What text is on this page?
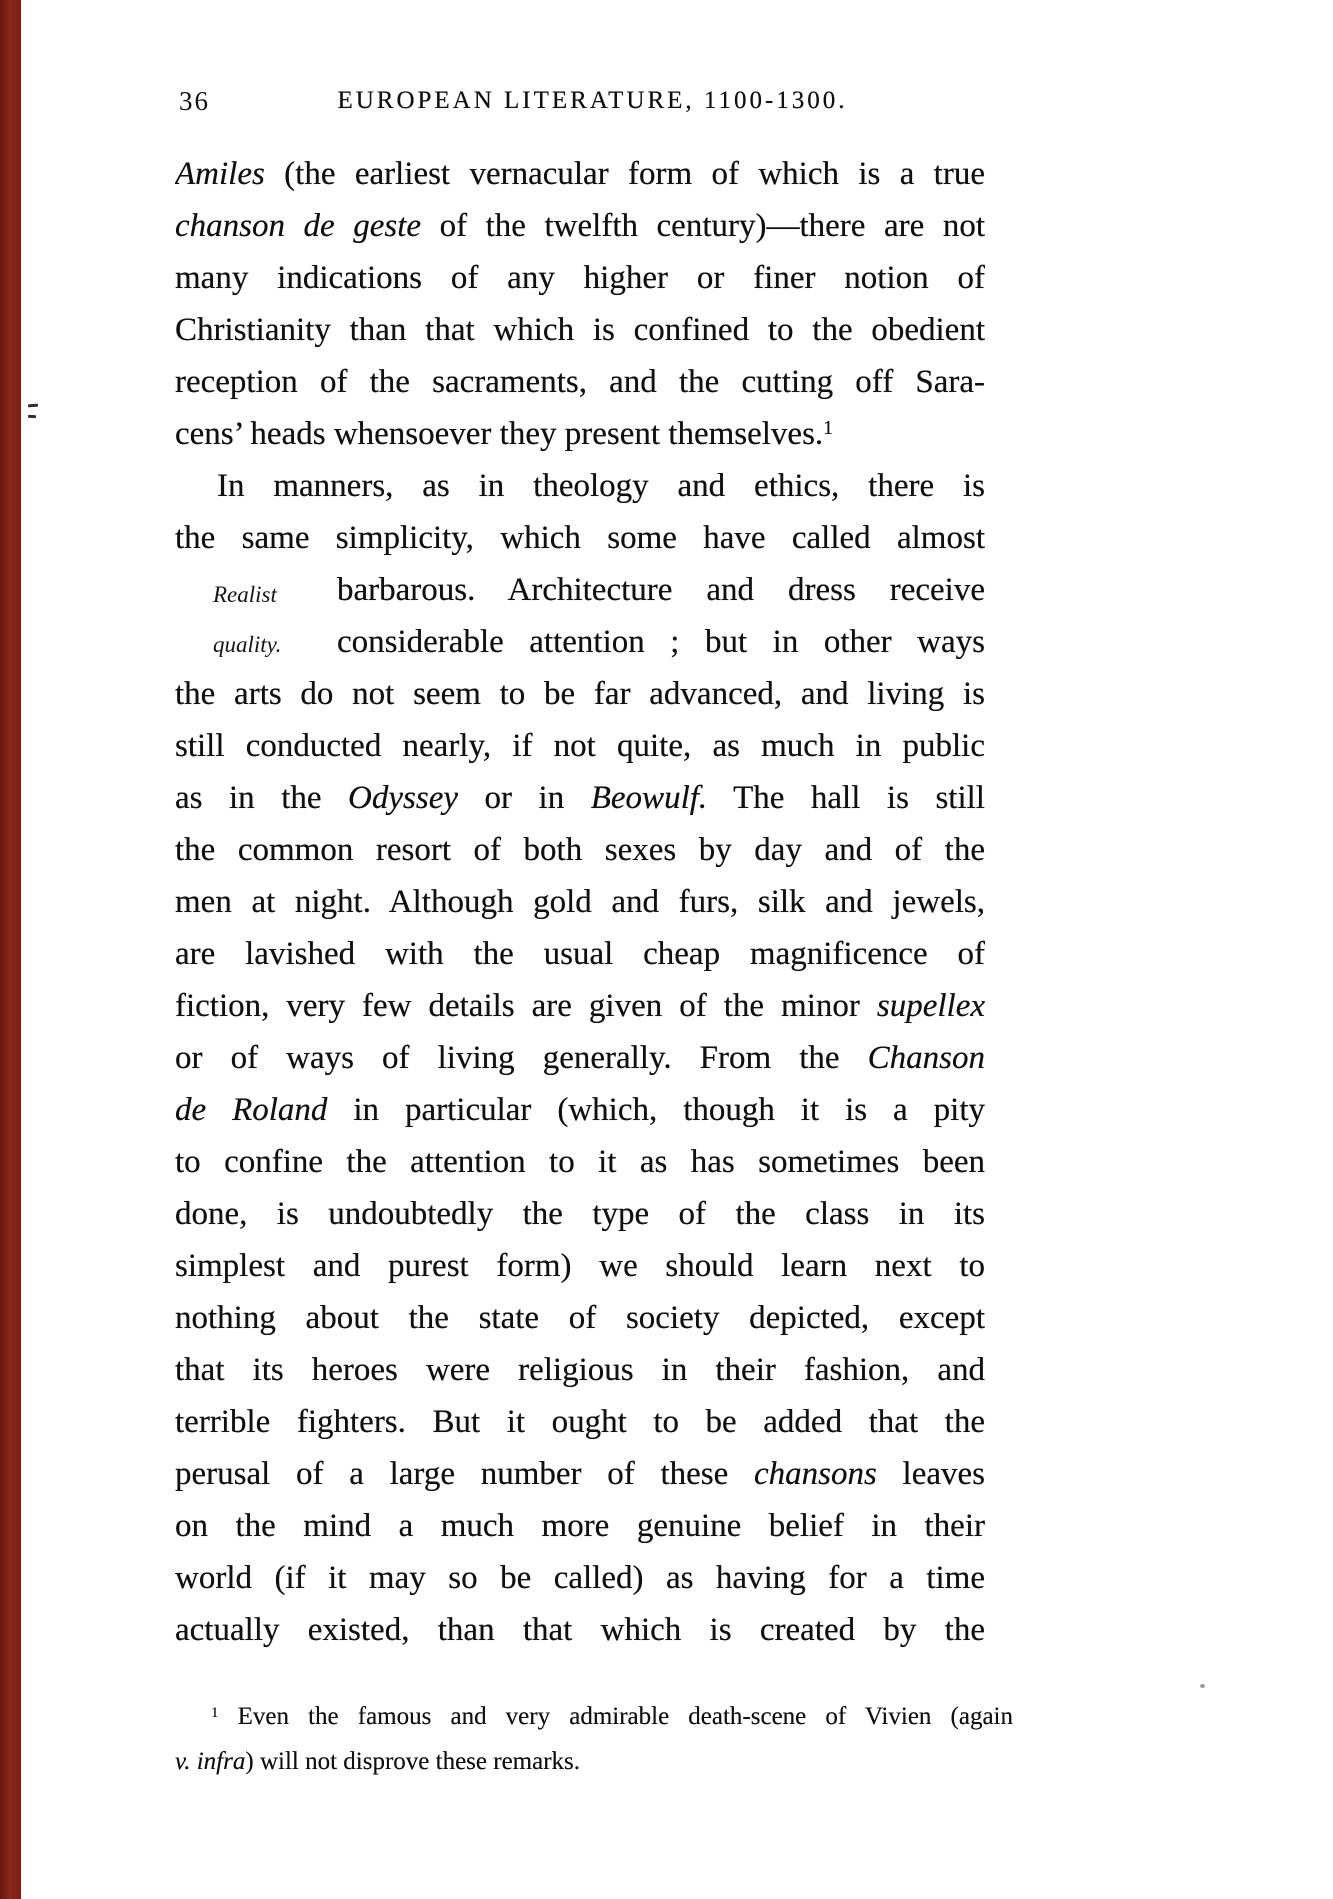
36	EUROPEAN LITERATURE, 1100-1300.
Amiles (the earliest vernacular form of which is a true
chanson de geste of the twelfth century)—there are not
many indications of any higher or finer notion of
Christianity than that which is confined to the obedient
reception of the sacraments, and the cutting off Sara-
cens’ heads whensoever they present themselves.$^1$
In manners, as in theology and ethics, there is
the same simplicity, which some have called almost
barbarous. Architecture and dress receive
considerable attention ; but in other ways
the arts do not seem to be far advanced, and living is
still conducted nearly, if not quite, as much in public
as in the Odyssey or in Beowulf. The hall is still
the common resort of both sexes by day and of the
men at night. Although gold and furs, silk and jewels,
are lavished with the usual cheap magnificence of
fiction, very few details are given of the minor supellex
or of ways of living generally. From the Chanson
de Roland in particular (which, though it is a pity
to confine the attention to it as has sometimes been
done, is undoubtedly the type of the class in its
simplest and purest form) we should learn next to
nothing about the state of society depicted, except
that its heroes were religious in their fashion, and
terrible fighters. But it ought to be added that the
perusal of a large number of these chansons leaves
on the mind a much more genuine belief in their
world (if it may so be called) as having for a time
actually existed, than that which is created by the
Realist
quality.
$^1$ Even the famous and very admirable death-scene of Vivien (again
v. infra) will not disprove these remarks.
